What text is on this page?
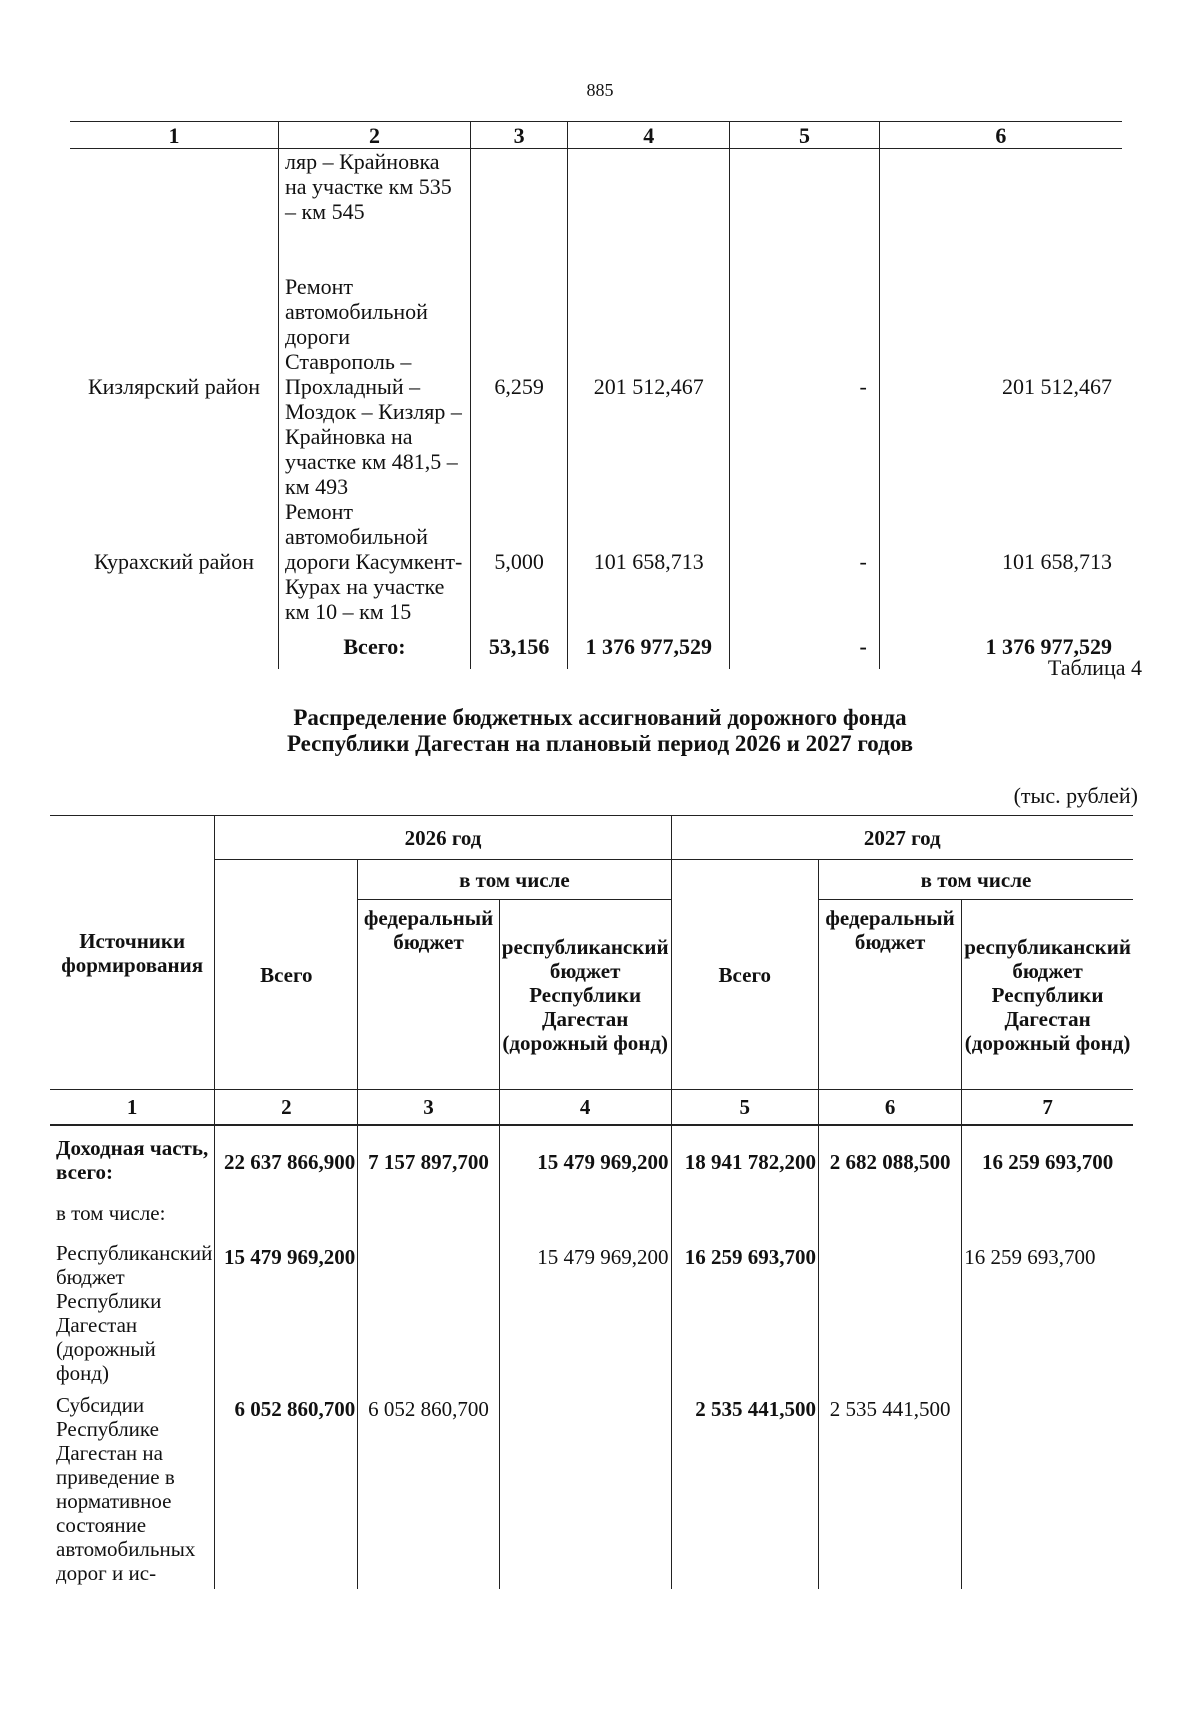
885
1	2	3	4	5	6
	ляр – Крайновка на участке км 535 – км 545				
Кизлярский район	Ремонт автомобильной дороги Ставрополь – Прохладный – Моздок – Кизляр – Крайновка на участке км 481,5 – км 493	6,259	201 512,467	-	201 512,467
Курахский район	Ремонт автомобильной дороги Касумкент-Курах на участке км 10 – км 15	5,000	101 658,713	-	101 658,713
	Всего:	53,156	1 376 977,529	-	1 376 977,529
Таблица 4
Распределение бюджетных ассигнований дорожного фонда
Республики Дагестан на плановый период 2026 и 2027 годов
(тыс. рублей)
Источники формирования	2026 год			2027 год		
	Всего	в том числе		Всего	в том числе	
		федеральный бюджет	республиканский бюджет Республики Дагестан (дорожный фонд)		федеральный бюджет	республиканский бюджет Республики Дагестан (дорожный фонд)
1	2	3	4	5	6	7
Доходная часть, всего:	22 637 866,900	7 157 897,700	15 479 969,200	18 941 782,200	2 682 088,500	16 259 693,700
в том числе:						
Республиканский бюджет Республики Дагестан (дорожный фонд)	15 479 969,200		15 479 969,200	16 259 693,700		16 259 693,700
Субсидии Республике Дагестан на приведение в нормативное состояние автомобильных дорог и ис-	6 052 860,700	6 052 860,700		2 535 441,500	2 535 441,500	
